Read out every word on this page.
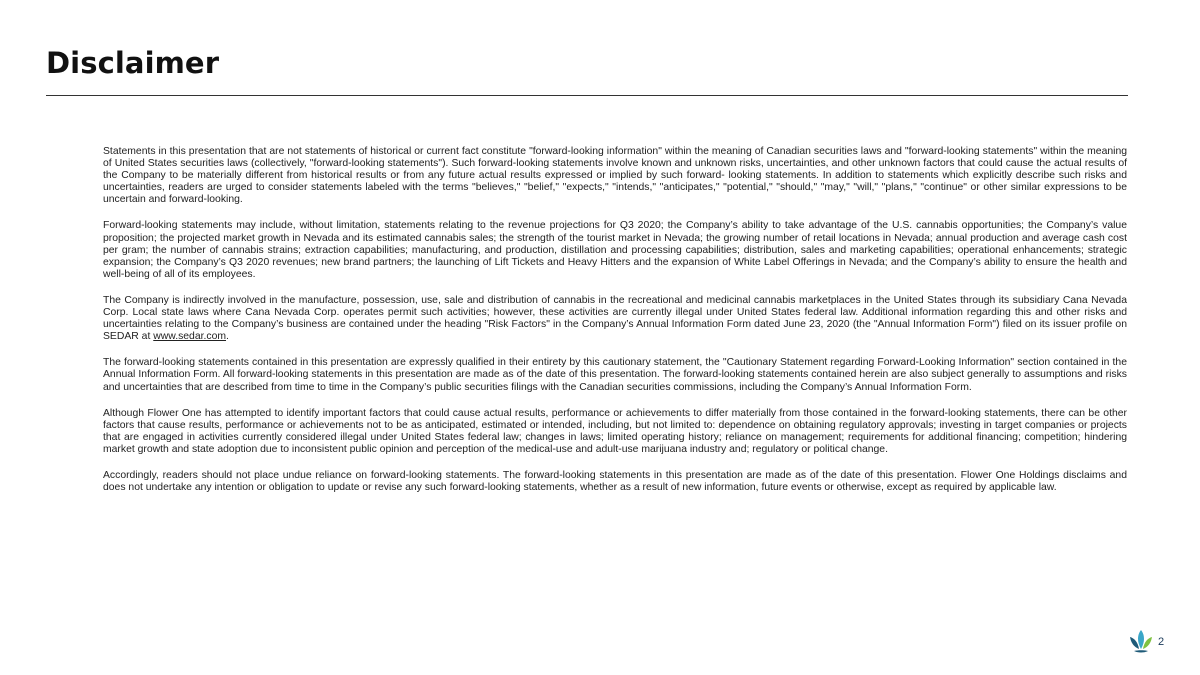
Disclaimer

Statements in this presentation that are not statements of historical or current fact constitute "forward-looking information" within the meaning of Canadian securities laws and "forward-looking statements" within the meaning of United States securities laws (collectively, "forward-looking statements"). Such forward-looking statements involve known and unknown risks, uncertainties, and other unknown factors that could cause the actual results of the Company to be materially different from historical results or from any future actual results expressed or implied by such forward- looking statements. In addition to statements which explicitly describe such risks and uncertainties, readers are urged to consider statements labeled with the terms "believes," "belief," "expects," "intends," "anticipates," "potential," "should," "may," "will," "plans," "continue" or other similar expressions to be uncertain and forward-looking.

Forward-looking statements may include, without limitation, statements relating to the revenue projections for Q3 2020; the Company’s ability to take advantage of the U.S. cannabis opportunities; the Company’s value proposition; the projected market growth in Nevada and its estimated cannabis sales; the strength of the tourist market in Nevada; the growing number of retail locations in Nevada; annual production and average cash cost per gram; the number of cannabis strains; extraction capabilities; manufacturing, and production, distillation and processing capabilities; distribution, sales and marketing capabilities; operational enhancements; strategic expansion; the Company’s Q3 2020 revenues; new brand partners; the launching of Lift Tickets and Heavy Hitters and the expansion of White Label Offerings in Nevada; and the Company’s ability to ensure the health and well-being of all of its employees.

The Company is indirectly involved in the manufacture, possession, use, sale and distribution of cannabis in the recreational and medicinal cannabis marketplaces in the United States through its subsidiary Cana Nevada Corp. Local state laws where Cana Nevada Corp. operates permit such activities; however, these activities are currently illegal under United States federal law. Additional information regarding this and other risks and uncertainties relating to the Company’s business are contained under the heading "Risk Factors" in the Company’s Annual Information Form dated June 23, 2020 (the "Annual Information Form") filed on its issuer profile on SEDAR at www.sedar.com.

The forward-looking statements contained in this presentation are expressly qualified in their entirety by this cautionary statement, the "Cautionary Statement regarding Forward-Looking Information" section contained in the Annual Information Form. All forward-looking statements in this presentation are made as of the date of this presentation. The forward-looking statements contained herein are also subject generally to assumptions and risks and uncertainties that are described from time to time in the Company’s public securities filings with the Canadian securities commissions, including the Company’s Annual Information Form.

Although Flower One has attempted to identify important factors that could cause actual results, performance or achievements to differ materially from those contained in the forward-looking statements, there can be other factors that cause results, performance or achievements not to be as anticipated, estimated or intended, including, but not limited to: dependence on obtaining regulatory approvals; investing in target companies or projects that are engaged in activities currently considered illegal under United States federal law; changes in laws; limited operating history; reliance on management; requirements for additional financing; competition; hindering market growth and state adoption due to inconsistent public opinion and perception of the medical-use and adult-use marijuana industry and; regulatory or political change.

Accordingly, readers should not place undue reliance on forward-looking statements. The forward-looking statements in this presentation are made as of the date of this presentation. Flower One Holdings disclaims and does not undertake any intention or obligation to update or revise any such forward-looking statements, whether as a result of new information, future events or otherwise, except as required by applicable law.

2
